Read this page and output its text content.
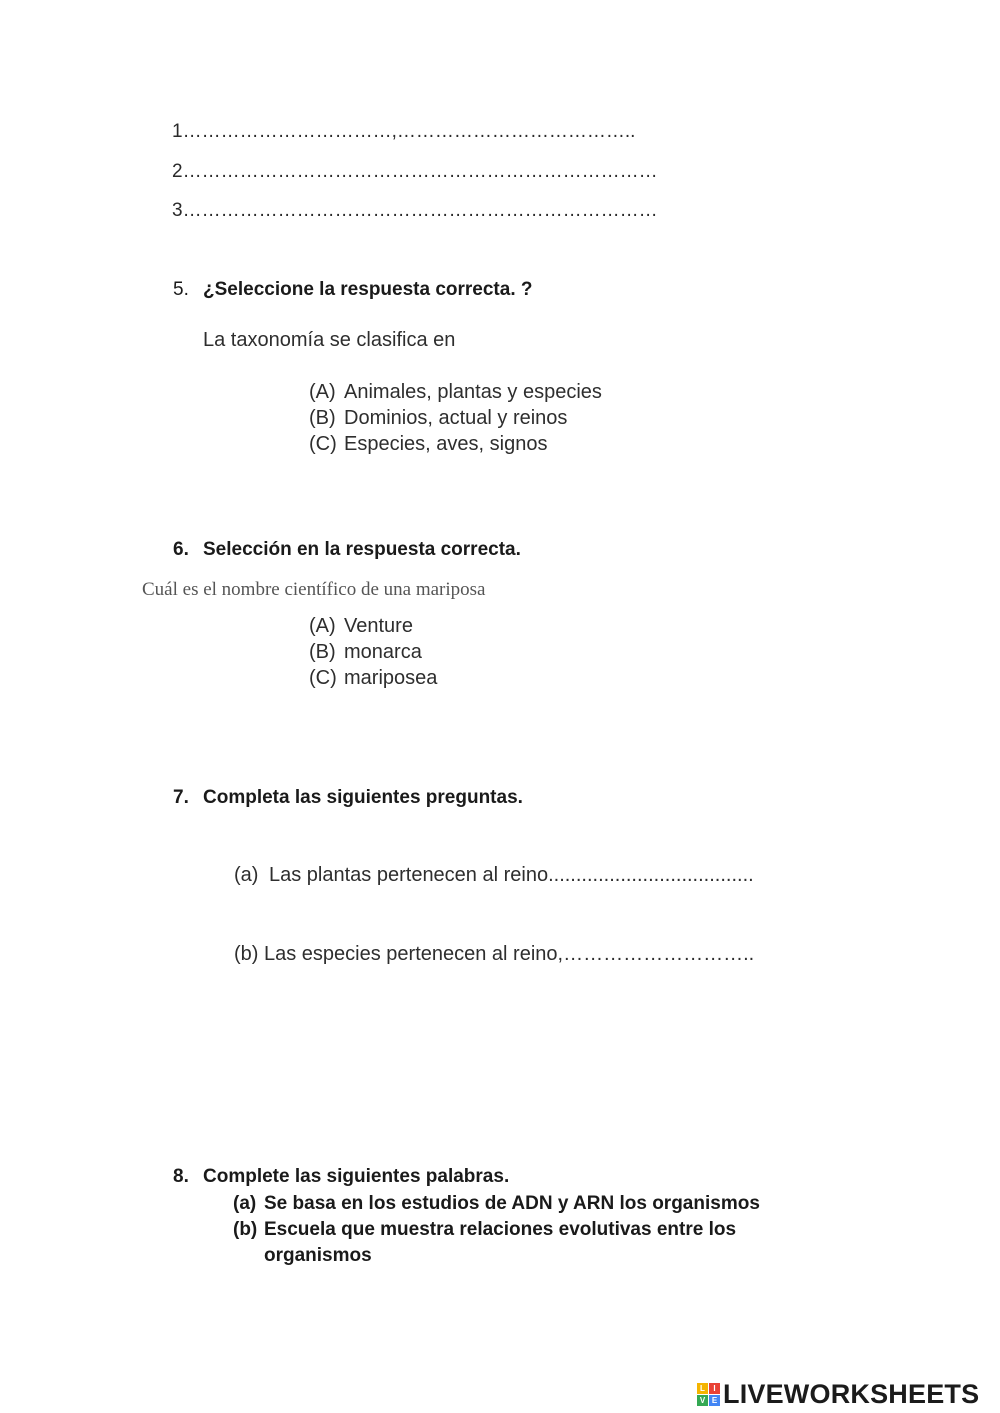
1……………………………,………………………………..
2…………………………………………………………………
3…………………………………………………………………
5. ¿Seleccione la respuesta correcta. ?
La taxonomía se clasifica en
(A) Animales, plantas y especies
(B) Dominios, actual y reinos
(C) Especies, aves, signos
6. Selección en la respuesta correcta.
Cuál es el nombre científico de una mariposa
(A) Venture
(B) monarca
(C) mariposea
7. Completa las siguientes preguntas.
(a) Las plantas pertenecen al reino.....................................
(b) Las especies pertenecen al reino,………………………..
8. Complete las siguientes palabras.
(a) Se basa en los estudios de ADN y ARN los organismos
(b) Escuela que muestra relaciones evolutivas entre los
organismos
L	I
V E LIVEWORKSHEETS
